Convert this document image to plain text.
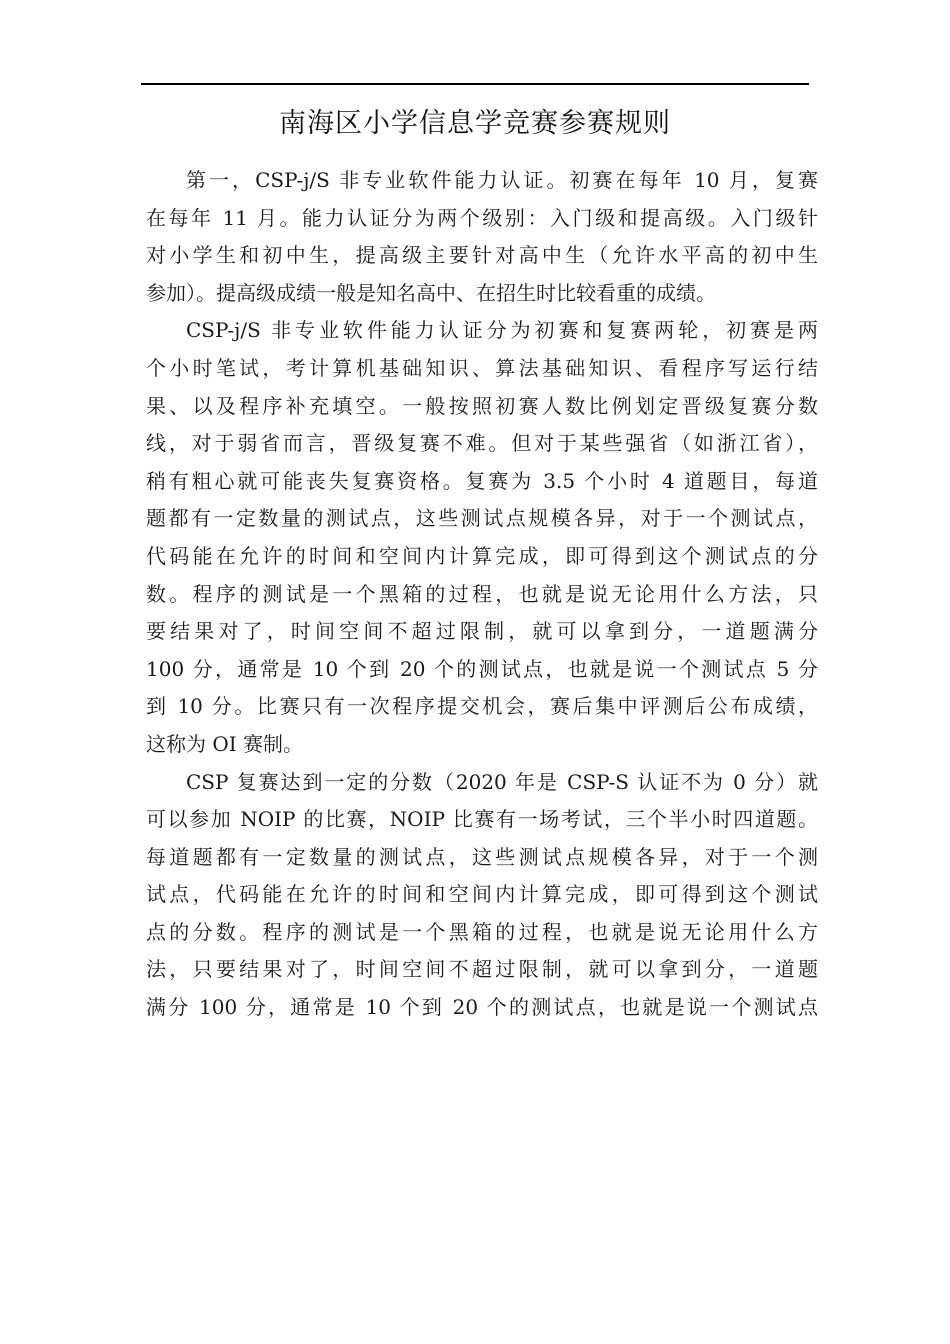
南海区小学信息学竞赛参赛规则
第一，CSP-j/S 非专业软件能力认证。初赛在每年 10 月，复赛
在每年 11 月。能力认证分为两个级别：入门级和提高级。入门级针
对小学生和初中生，提高级主要针对高中生（允许水平高的初中生
参加）。提高级成绩一般是知名高中、在招生时比较看重的成绩。
CSP-j/S 非专业软件能力认证分为初赛和复赛两轮，初赛是两
个小时笔试，考计算机基础知识、算法基础知识、看程序写运行结
果、以及程序补充填空。一般按照初赛人数比例划定晋级复赛分数
线，对于弱省而言，晋级复赛不难。但对于某些强省（如浙江省），
稍有粗心就可能丧失复赛资格。复赛为 3.5 个小时 4 道题目，每道
题都有一定数量的测试点，这些测试点规模各异，对于一个测试点，
代码能在允许的时间和空间内计算完成，即可得到这个测试点的分
数。程序的测试是一个黑箱的过程，也就是说无论用什么方法，只
要结果对了，时间空间不超过限制，就可以拿到分，一道题满分
100 分，通常是 10 个到 20 个的测试点，也就是说一个测试点 5 分
到 10 分。比赛只有一次程序提交机会，赛后集中评测后公布成绩，
这称为 OI 赛制。
CSP 复赛达到一定的分数（2020 年是 CSP-S 认证不为 0 分）就
可以参加 NOIP 的比赛，NOIP 比赛有一场考试，三个半小时四道题。
每道题都有一定数量的测试点，这些测试点规模各异，对于一个测
试点，代码能在允许的时间和空间内计算完成，即可得到这个测试
点的分数。程序的测试是一个黑箱的过程，也就是说无论用什么方
法，只要结果对了，时间空间不超过限制，就可以拿到分，一道题
满分 100 分，通常是 10 个到 20 个的测试点，也就是说一个测试点
